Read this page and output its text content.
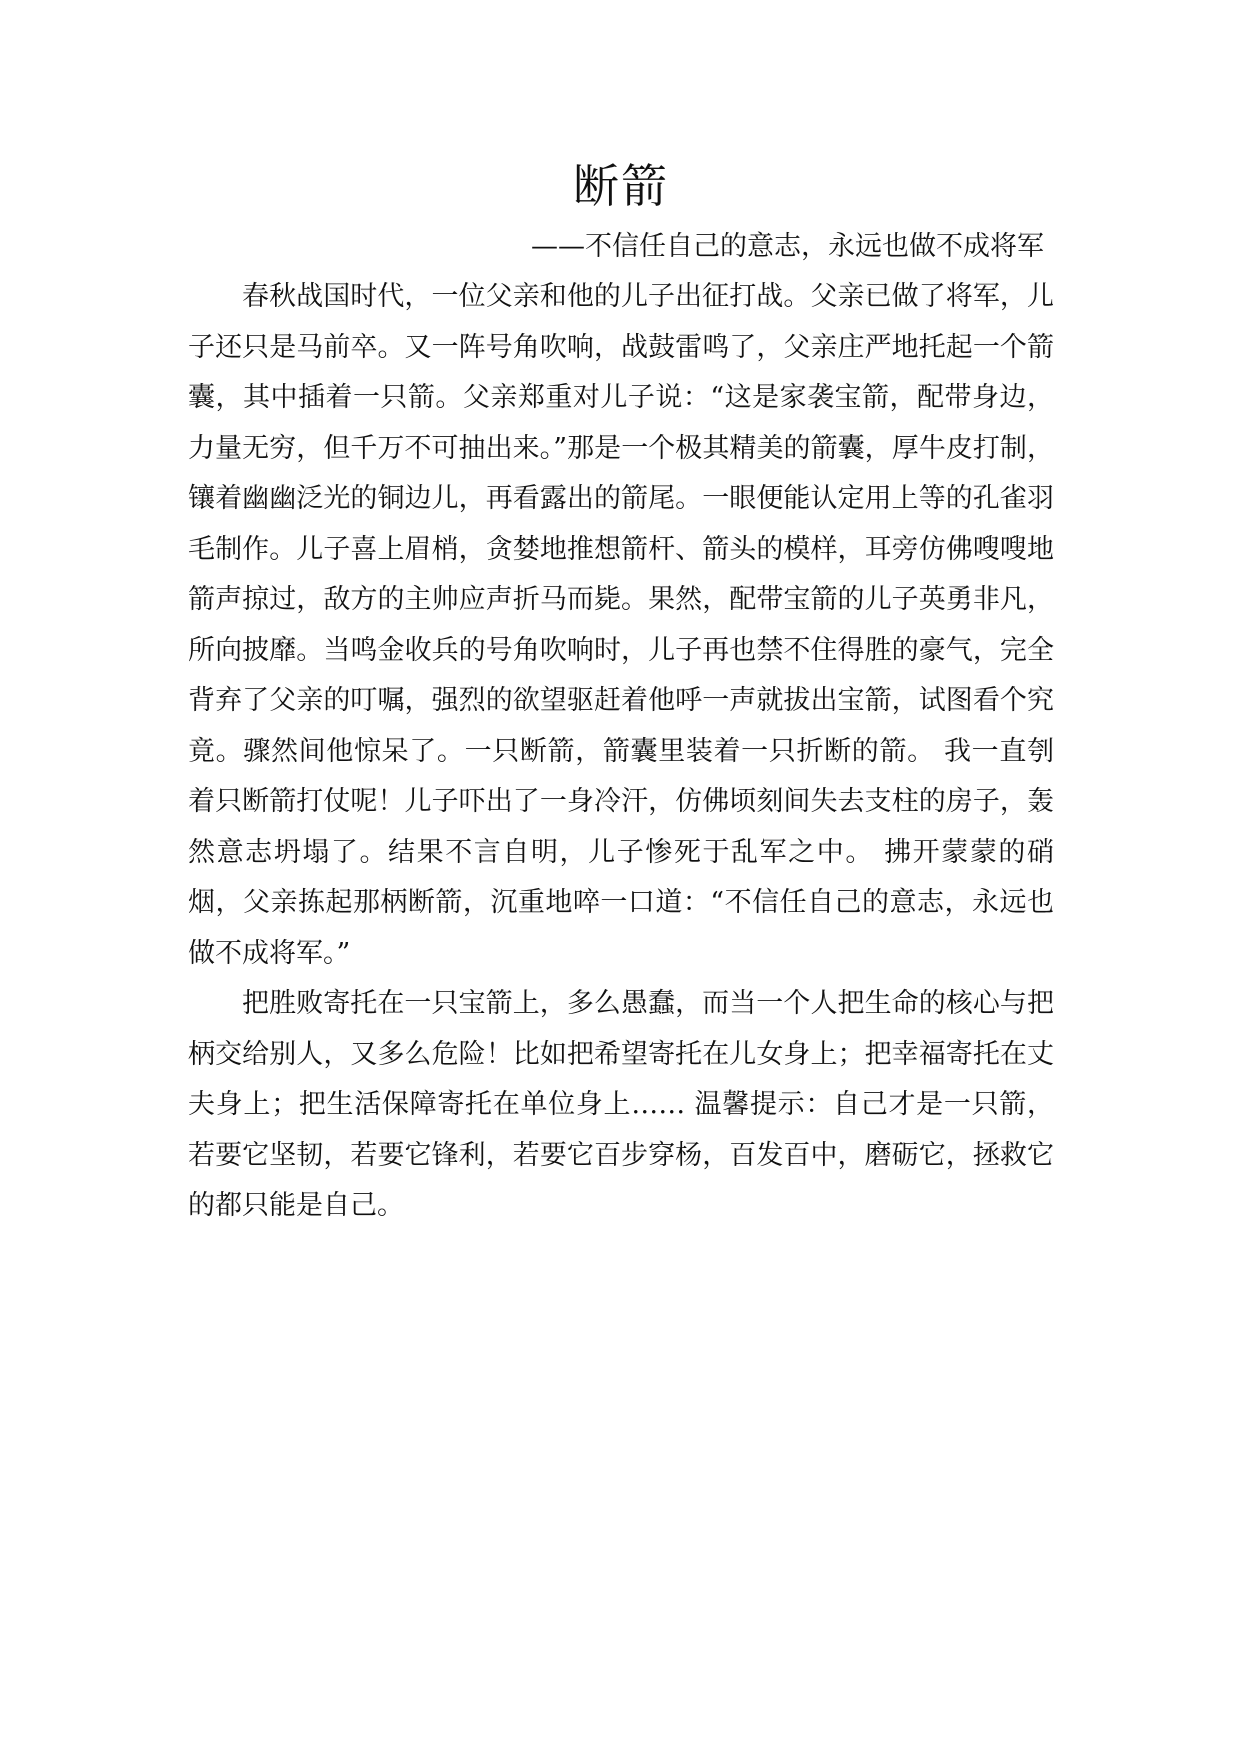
断箭

——不信任自己的意志，永远也做不成将军

春秋战国时代，一位父亲和他的儿子出征打战。父亲已做了将军，儿子还只是马前卒。又一阵号角吹响，战鼓雷鸣了，父亲庄严地托起一个箭囊，其中插着一只箭。父亲郑重对儿子说：“这是家袭宝箭，配带身边，力量无穷，但千万不可抽出来。”那是一个极其精美的箭囊，厚牛皮打制，镶着幽幽泛光的铜边儿，再看露出的箭尾。一眼便能认定用上等的孔雀羽毛制作。儿子喜上眉梢，贪婪地推想箭杆、箭头的模样，耳旁仿佛嗖嗖地箭声掠过，敌方的主帅应声折马而毙。果然，配带宝箭的儿子英勇非凡，所向披靡。当鸣金收兵的号角吹响时，儿子再也禁不住得胜的豪气，完全背弃了父亲的叮嘱，强烈的欲望驱赶着他呼一声就拔出宝箭，试图看个究竟。骤然间他惊呆了。一只断箭，箭囊里装着一只折断的箭。 我一直刳着只断箭打仗呢！儿子吓出了一身冷汗，仿佛顷刻间失去支柱的房子，轰然意志坍塌了。结果不言自明，儿子惨死于乱军之中。 拂开蒙蒙的硝烟，父亲拣起那柄断箭，沉重地啐一口道：“不信任自己的意志，永远也做不成将军。”

把胜败寄托在一只宝箭上，多么愚蠢，而当一个人把生命的核心与把柄交给别人，又多么危险！比如把希望寄托在儿女身上；把幸福寄托在丈夫身上；把生活保障寄托在单位身上…… 温馨提示：自己才是一只箭，若要它坚韧，若要它锋利，若要它百步穿杨，百发百中，磨砺它，拯救它的都只能是自己。
